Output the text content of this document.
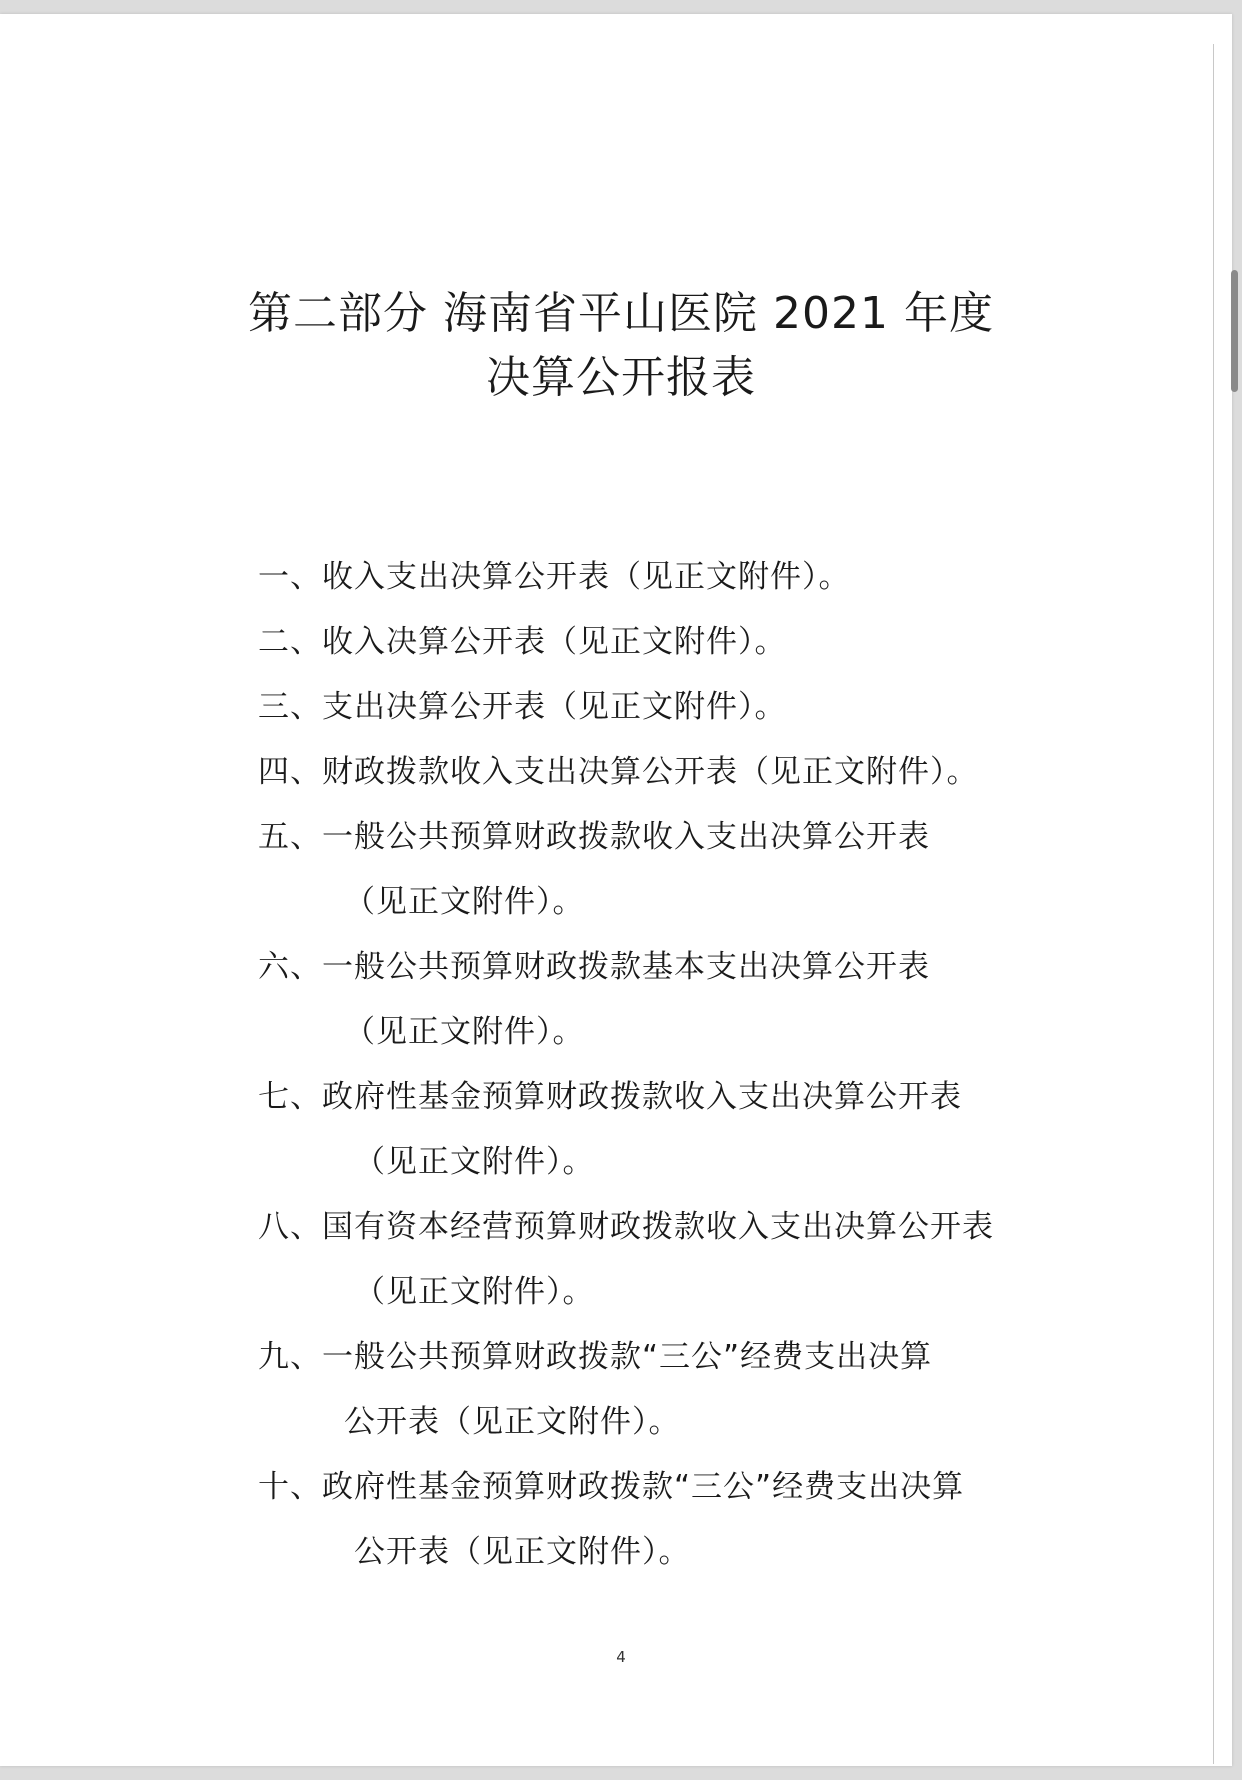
第二部分 海南省平山医院 2021 年度
决算公开报表
一、收入支出决算公开表（见正文附件）。
二、收入决算公开表（见正文附件）。
三、支出决算公开表（见正文附件）。
四、财政拨款收入支出决算公开表（见正文附件）。
五、一般公共预算财政拨款收入支出决算公开表
（见正文附件）。
六、一般公共预算财政拨款基本支出决算公开表
（见正文附件）。
七、政府性基金预算财政拨款收入支出决算公开表
（见正文附件）。
八、国有资本经营预算财政拨款收入支出决算公开表
（见正文附件）。
九、一般公共预算财政拨款“三公”经费支出决算
公开表（见正文附件）。
十、政府性基金预算财政拨款“三公”经费支出决算
公开表（见正文附件）。
4
